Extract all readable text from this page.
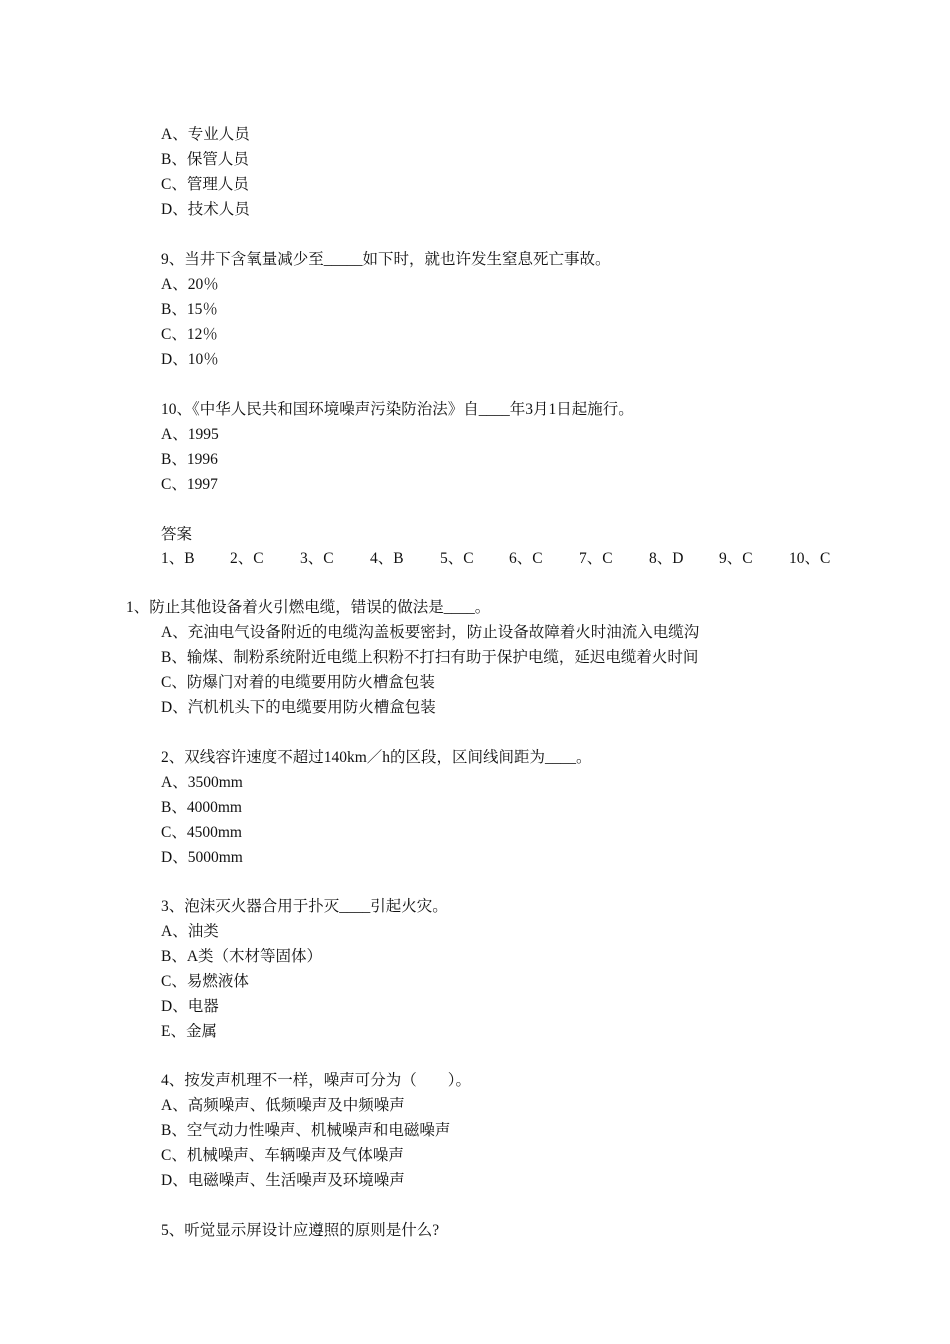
A、专业人员
B、保管人员
C、管理人员
D、技术人员
9、当井下含氧量减少至_____如下时，就也许发生窒息死亡事故。
A、20％
B、15％
C、12％
D、10％
10、《中华人民共和国环境噪声污染防治法》自____年3月1日起施行。
A、1995
B、1996
C、1997
答案
1、B 2、C 3、C 4、B 5、C 6、C 7、C 8、D 9、C 10、C
1、防止其他设备着火引燃电缆，错误的做法是____。
A、充油电气设备附近的电缆沟盖板要密封，防止设备故障着火时油流入电缆沟
B、输煤、制粉系统附近电缆上积粉不打扫有助于保护电缆，延迟电缆着火时间
C、防爆门对着的电缆要用防火槽盒包装
D、汽机机头下的电缆要用防火槽盒包装
2、双线容许速度不超过140km／h的区段，区间线间距为____。
A、3500mm
B、4000mm
C、4500mm
D、5000mm
3、泡沫灭火器合用于扑灭____引起火灾。
A、油类
B、A类（木材等固体）
C、易燃液体
D、电器
E、金属
4、按发声机理不一样，噪声可分为（　　）。
A、高频噪声、低频噪声及中频噪声
B、空气动力性噪声、机械噪声和电磁噪声
C、机械噪声、车辆噪声及气体噪声
D、电磁噪声、生活噪声及环境噪声
5、听觉显示屏设计应遵照的原则是什么?
